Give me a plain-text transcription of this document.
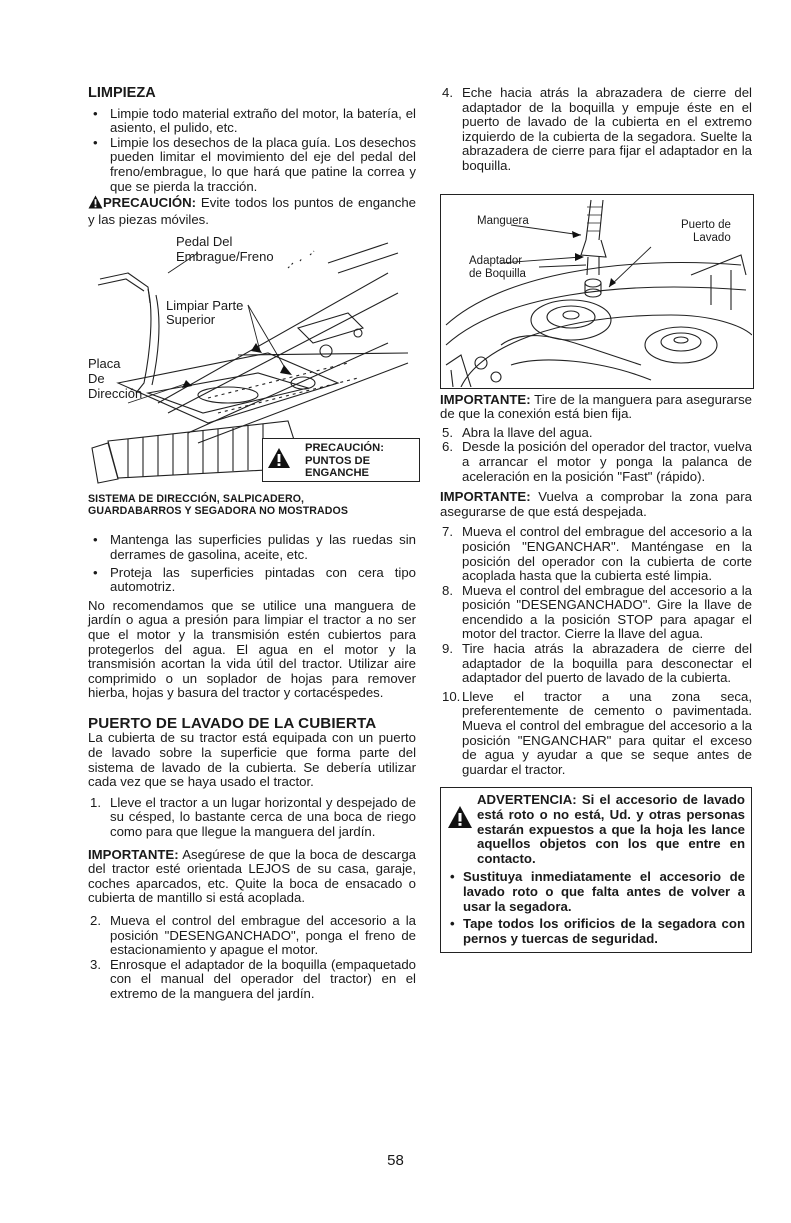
LIMPIEZA

• Limpie todo material extraño del motor, la batería, el asiento, el pulido, etc.
• Limpie los desechos de la placa guía. Los desechos pueden limitar el movimiento del eje del pedal del freno/embrague, lo que hará que patine la correa y que se pierda la tracción.

PRECAUCIÓN: Evite todos los puntos de enganche y las piezas móviles.

Pedal Del
Embrague/Freno
Limpiar Parte
Superior
Placa
De
Dirección
PRECAUCIÓN:
PUNTOS DE
ENGANCHE

SISTEMA DE DIRECCIÓN, SALPICADERO,

GUARDABARROS Y SEGADORA NO MOSTRADOS

• Mantenga las superficies pulidas y las ruedas sin derrames de gasolina, aceite, etc.
• Proteja las superficies pintadas con cera tipo automotriz.

No recomendamos que se utilice una manguera de jardín o agua a presión para limpiar el tractor a no ser que el motor y la transmisión estén cubiertos para protegerlos del agua. El agua en el motor y la transmisión acortan la vida útil del tractor. Utilizar aire comprimido o un soplador de hojas para remover hierba, hojas y basura del tractor y cortacéspedes.

PUERTO DE LAVADO DE LA CUBIERTA

La cubierta de su tractor está equipada con un puerto de lavado sobre la superficie que forma parte del sistema de lavado de la cubierta. Se debería utilizar cada vez que se haya usado el tractor.

1. Lleve el tractor a un lugar horizontal y despejado de su césped, lo bastante cerca de una boca de riego como para que llegue la manguera del jardín.

IMPORTANTE: Asegúrese de que la boca de descarga del tractor esté orientada LEJOS de su casa, garaje, coches aparcados, etc. Quite la boca de ensacado o cubierta de mantillo si está acoplada.

2. Mueva el control del embrague del accesorio a la posición "DESENGANCHADO", ponga el freno de estacionamiento y apague el motor.
3. Enrosque el adaptador de la boquilla (empaquetado con el manual del operador del tractor) en el extremo de la manguera del jardín.
4. Eche hacia atrás la abrazadera de cierre del adaptador de la boquilla y empuje éste en el puerto de lavado de la cubierta en el extremo izquierdo de la cubierta de la segadora. Suelte la abrazadera de cierre para fijar el adaptador en la boquilla.
Manguera	Puerto de
Lavado
Adaptador
de Boquilla

IMPORTANTE: Tire de la manguera para asegurarse de que la conexión está bien fija.

5. Abra la llave del agua.
6. Desde la posición del operador del tractor, vuelva a arrancar el motor y ponga la palanca de aceleración en la posición "Fast" (rápido).

IMPORTANTE: Vuelva a comprobar la zona para asegurarse de que está despejada.

7. Mueva el control del embrague del accesorio a la posición "ENGANCHAR". Manténgase en la posición del operador con la cubierta de corte acoplada hasta que la cubierta esté limpia.
8. Mueva el control del embrague del accesorio a la posición "DESENGANCHADO". Gire la llave de encendido a la posición STOP para apagar el motor del tractor. Cierre la llave del agua.
9. Tire hacia atrás la abrazadera de cierre del adaptador de la boquilla para desconectar el adaptador del puerto de lavado de la cubierta.
10. Lleve el tractor a una zona seca, preferentemente de cemento o pavimentada. Mueva el control del embrague del accesorio a la posición "ENGANCHAR" para quitar el exceso de agua y ayudar a que se seque antes de guardar el tractor.
ADVERTENCIA: Si el accesorio de lavado está roto o no está, Ud. y otras personas estarán expuestos a que la hoja les lance aquellos objetos con los que entre en contacto.
• Sustituya inmediatamente el accesorio de lavado roto o que falta antes de volver a usar la segadora.
• Tape todos los orificios de la segadora con pernos y tuercas de seguridad.
58
